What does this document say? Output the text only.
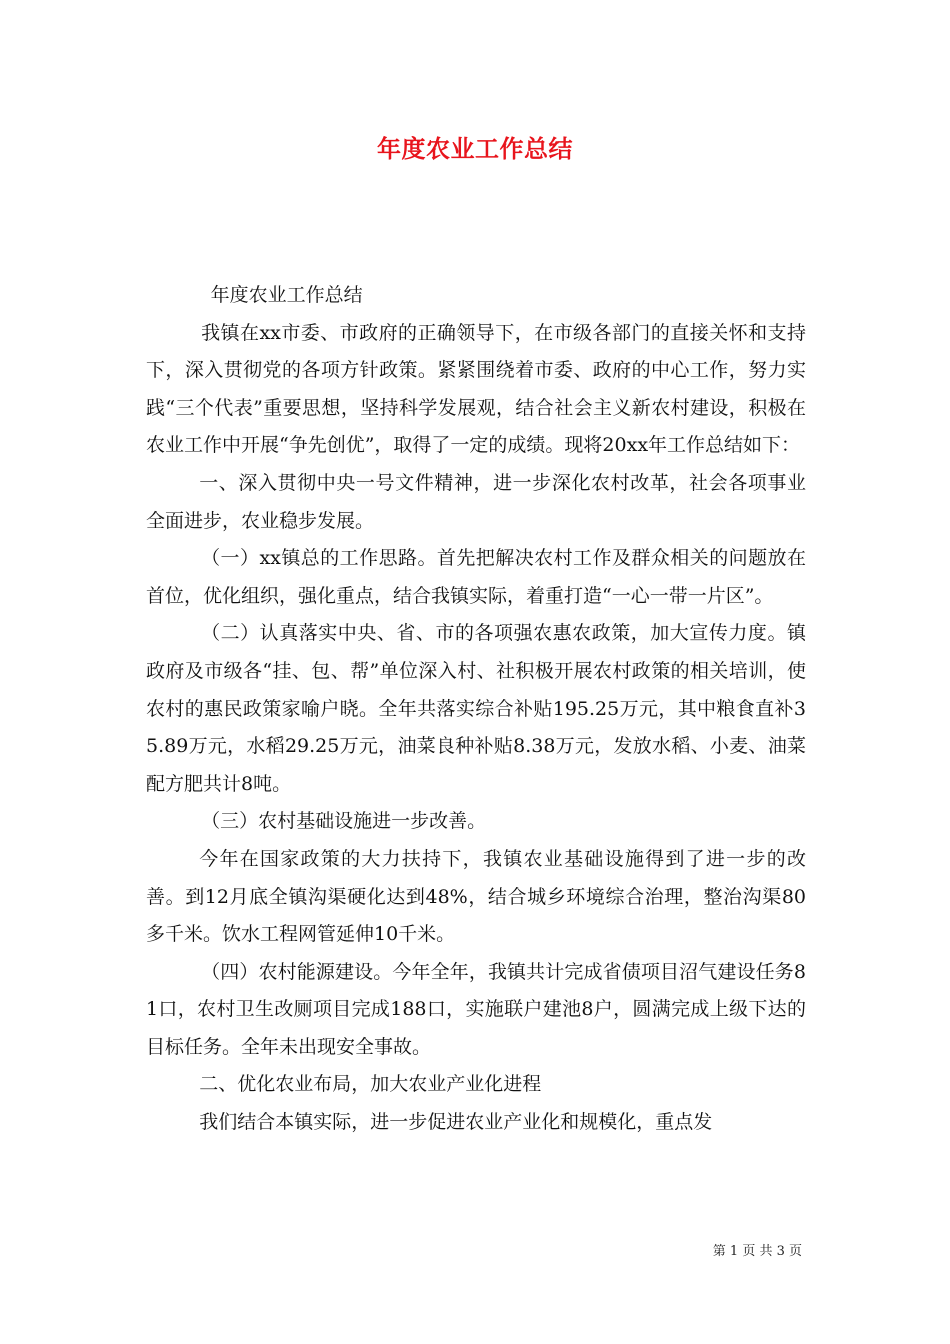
年度农业工作总结

年度农业工作总结

我镇在xx市委、市政府的正确领导下，在市级各部门的直接关怀和支持下，深入贯彻党的各项方针政策。紧紧围绕着市委、政府的中心工作，努力实践“三个代表”重要思想，坚持科学发展观，结合社会主义新农村建设，积极在农业工作中开展“争先创优”，取得了一定的成绩。现将20xx年工作总结如下：

一、深入贯彻中央一号文件精神，进一步深化农村改革，社会各项事业全面进步，农业稳步发展。

（一）xx镇总的工作思路。首先把解决农村工作及群众相关的问题放在首位，优化组织，强化重点，结合我镇实际，着重打造“一心一带一片区”。

（二）认真落实中央、省、市的各项强农惠农政策，加大宣传力度。镇政府及市级各“挂、包、帮”单位深入村、社积极开展农村政策的相关培训，使农村的惠民政策家喻户晓。全年共落实综合补贴195.25万元，其中粮食直补35.89万元，水稻29.25万元，油菜良种补贴8.38万元，发放水稻、小麦、油菜配方肥共计8吨。

（三）农村基础设施进一步改善。

今年在国家政策的大力扶持下，我镇农业基础设施得到了进一步的改善。到12月底全镇沟渠硬化达到48%，结合城乡环境综合治理，整治沟渠80多千米。饮水工程网管延伸10千米。

（四）农村能源建设。今年全年，我镇共计完成省债项目沼气建设任务81口，农村卫生改厕项目完成188口，实施联户建池8户，圆满完成上级下达的目标任务。全年未出现安全事故。

二、优化农业布局，加大农业产业化进程

我们结合本镇实际，进一步促进农业产业化和规模化，重点发

第 1 页 共 3 页
